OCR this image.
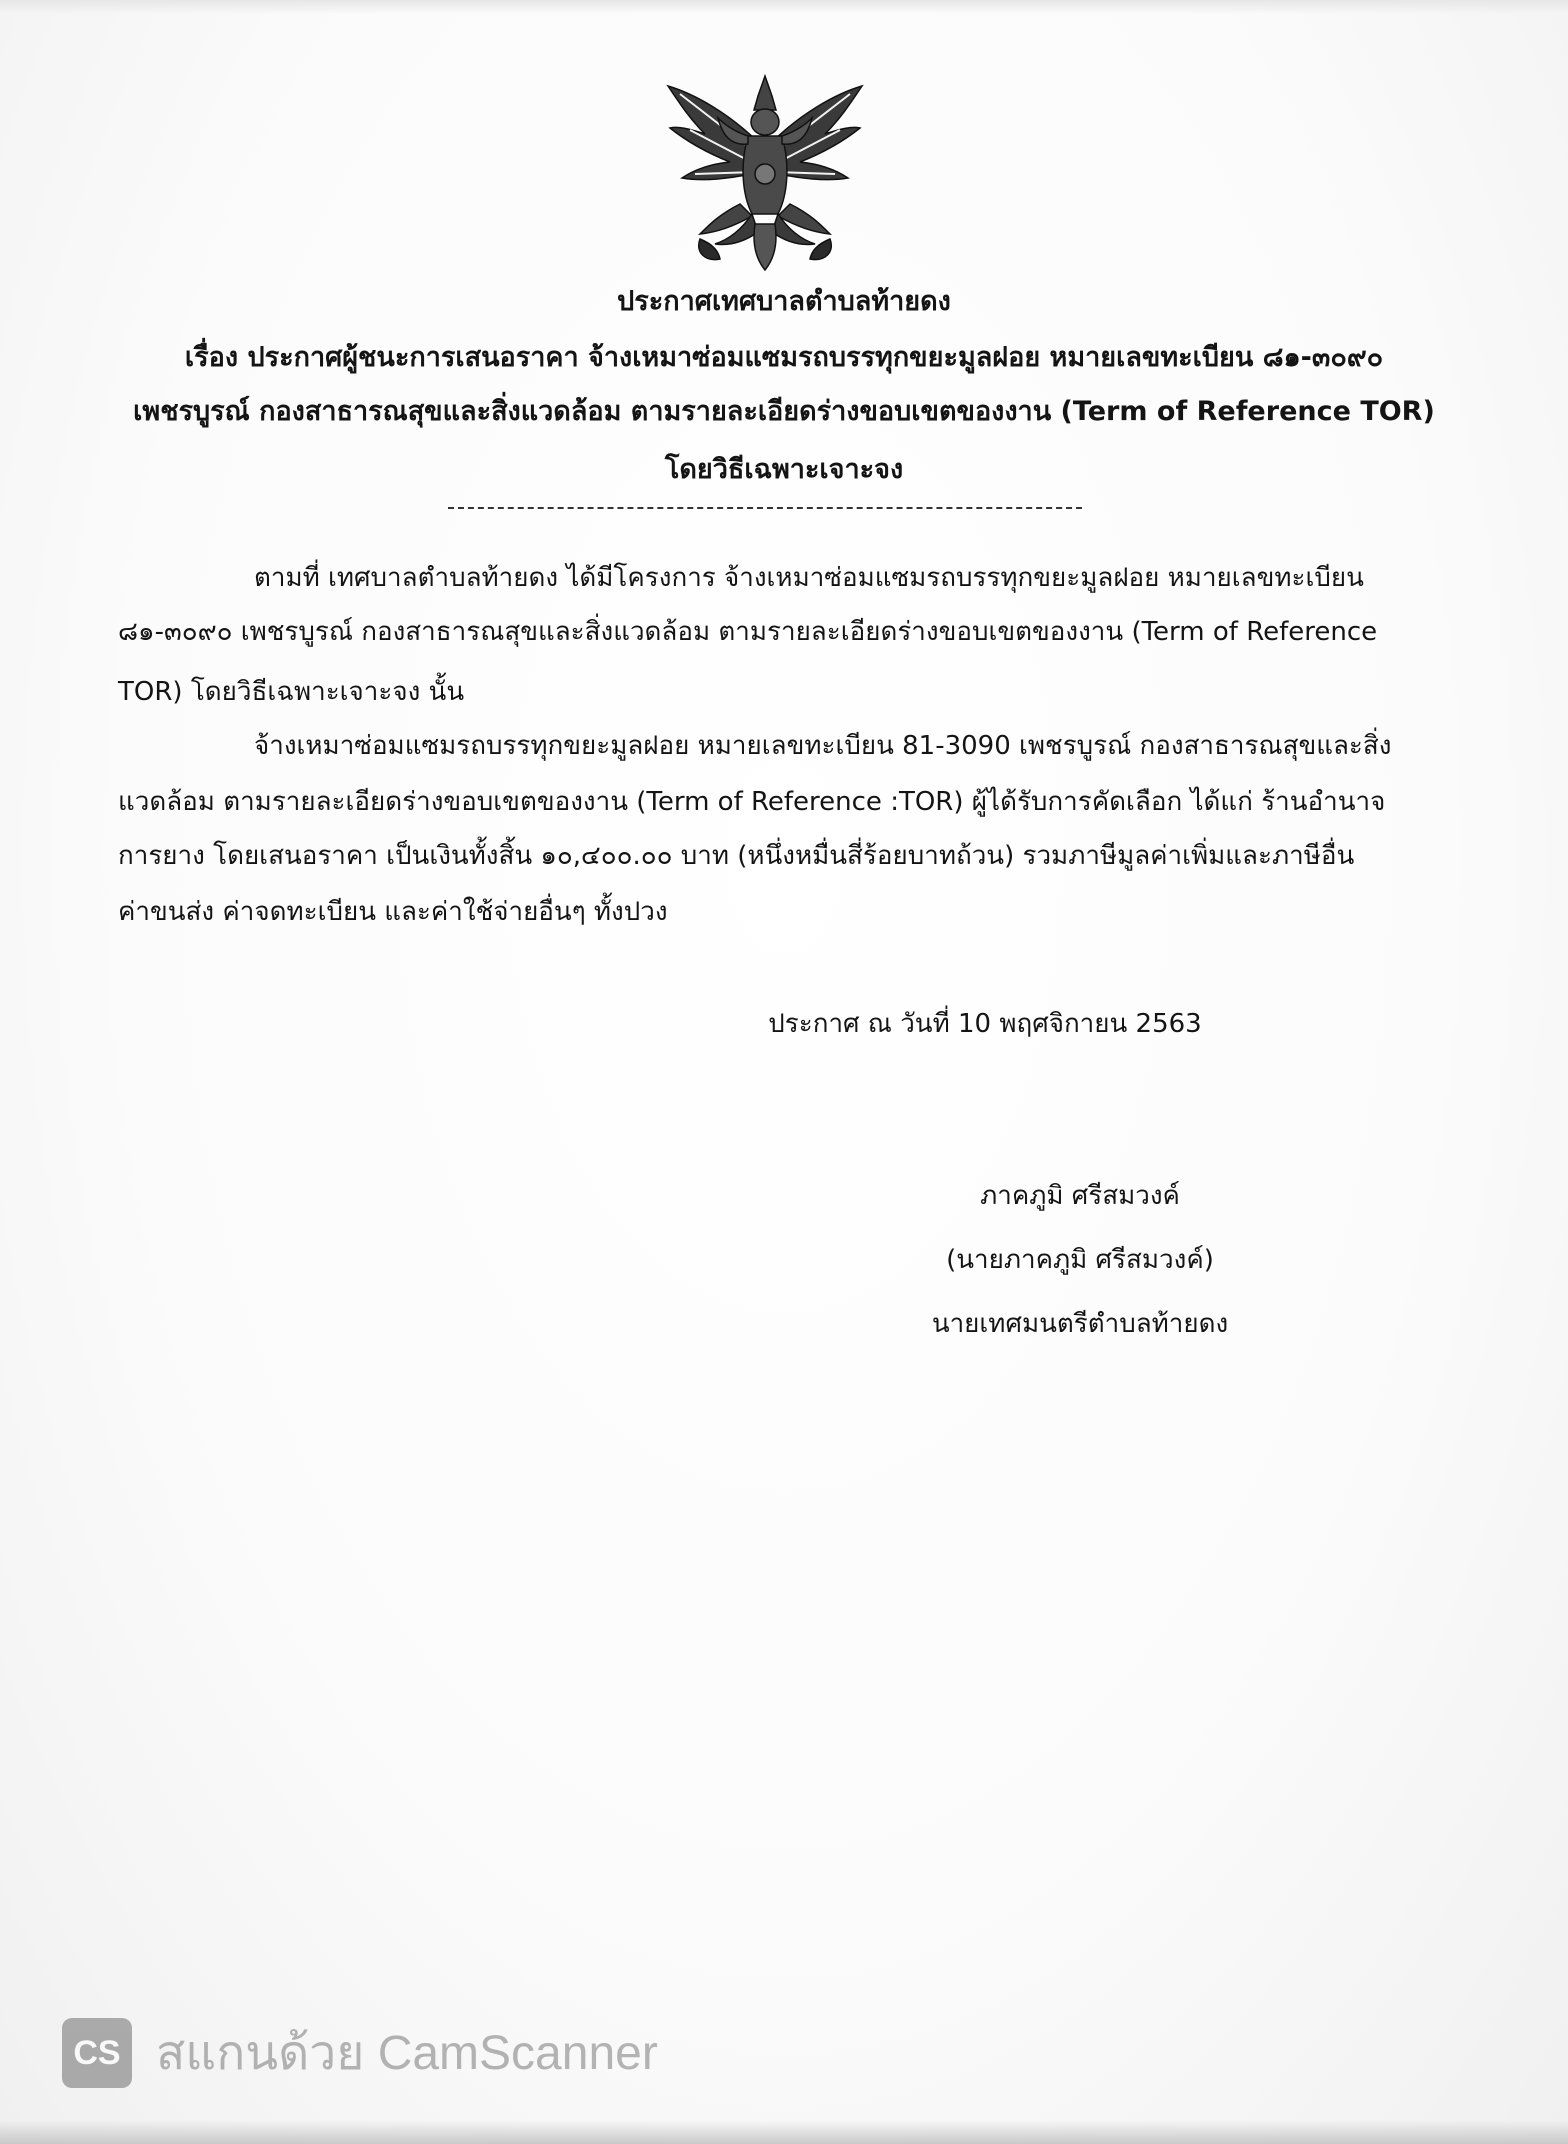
ประกาศเทศบาลตำบลท้ายดง
เรื่อง ประกาศผู้ชนะการเสนอราคา จ้างเหมาซ่อมแซมรถบรรทุกขยะมูลฝอย หมายเลขทะเบียน ๘๑-๓๐๙๐
เพชรบูรณ์ กองสาธารณสุขและสิ่งแวดล้อม ตามรายละเอียดร่างขอบเขตของงาน (Term of Reference TOR)
โดยวิธีเฉพาะเจาะจง
ตามที่ เทศบาลตำบลท้ายดง ได้มีโครงการ จ้างเหมาซ่อมแซมรถบรรทุกขยะมูลฝอย หมายเลขทะเบียน
๘๑-๓๐๙๐ เพชรบูรณ์ กองสาธารณสุขและสิ่งแวดล้อม ตามรายละเอียดร่างขอบเขตของงาน (Term of Reference
TOR) โดยวิธีเฉพาะเจาะจง นั้น
จ้างเหมาซ่อมแซมรถบรรทุกขยะมูลฝอย หมายเลขทะเบียน 81-3090 เพชรบูรณ์ กองสาธารณสุขและสิ่ง
แวดล้อม ตามรายละเอียดร่างขอบเขตของงาน (Term of Reference :TOR) ผู้ได้รับการคัดเลือก ได้แก่ ร้านอำนาจ
การยาง โดยเสนอราคา เป็นเงินทั้งสิ้น ๑๐,๔๐๐.๐๐ บาท (หนึ่งหมื่นสี่ร้อยบาทถ้วน) รวมภาษีมูลค่าเพิ่มและภาษีอื่น
ค่าขนส่ง ค่าจดทะเบียน และค่าใช้จ่ายอื่นๆ ทั้งปวง
ประกาศ ณ วันที่ 10 พฤศจิกายน 2563
ภาคภูมิ ศรีสมวงค์
(นายภาคภูมิ ศรีสมวงค์)
นายเทศมนตรีตำบลท้ายดง
CS สแกนด้วย CamScanner
